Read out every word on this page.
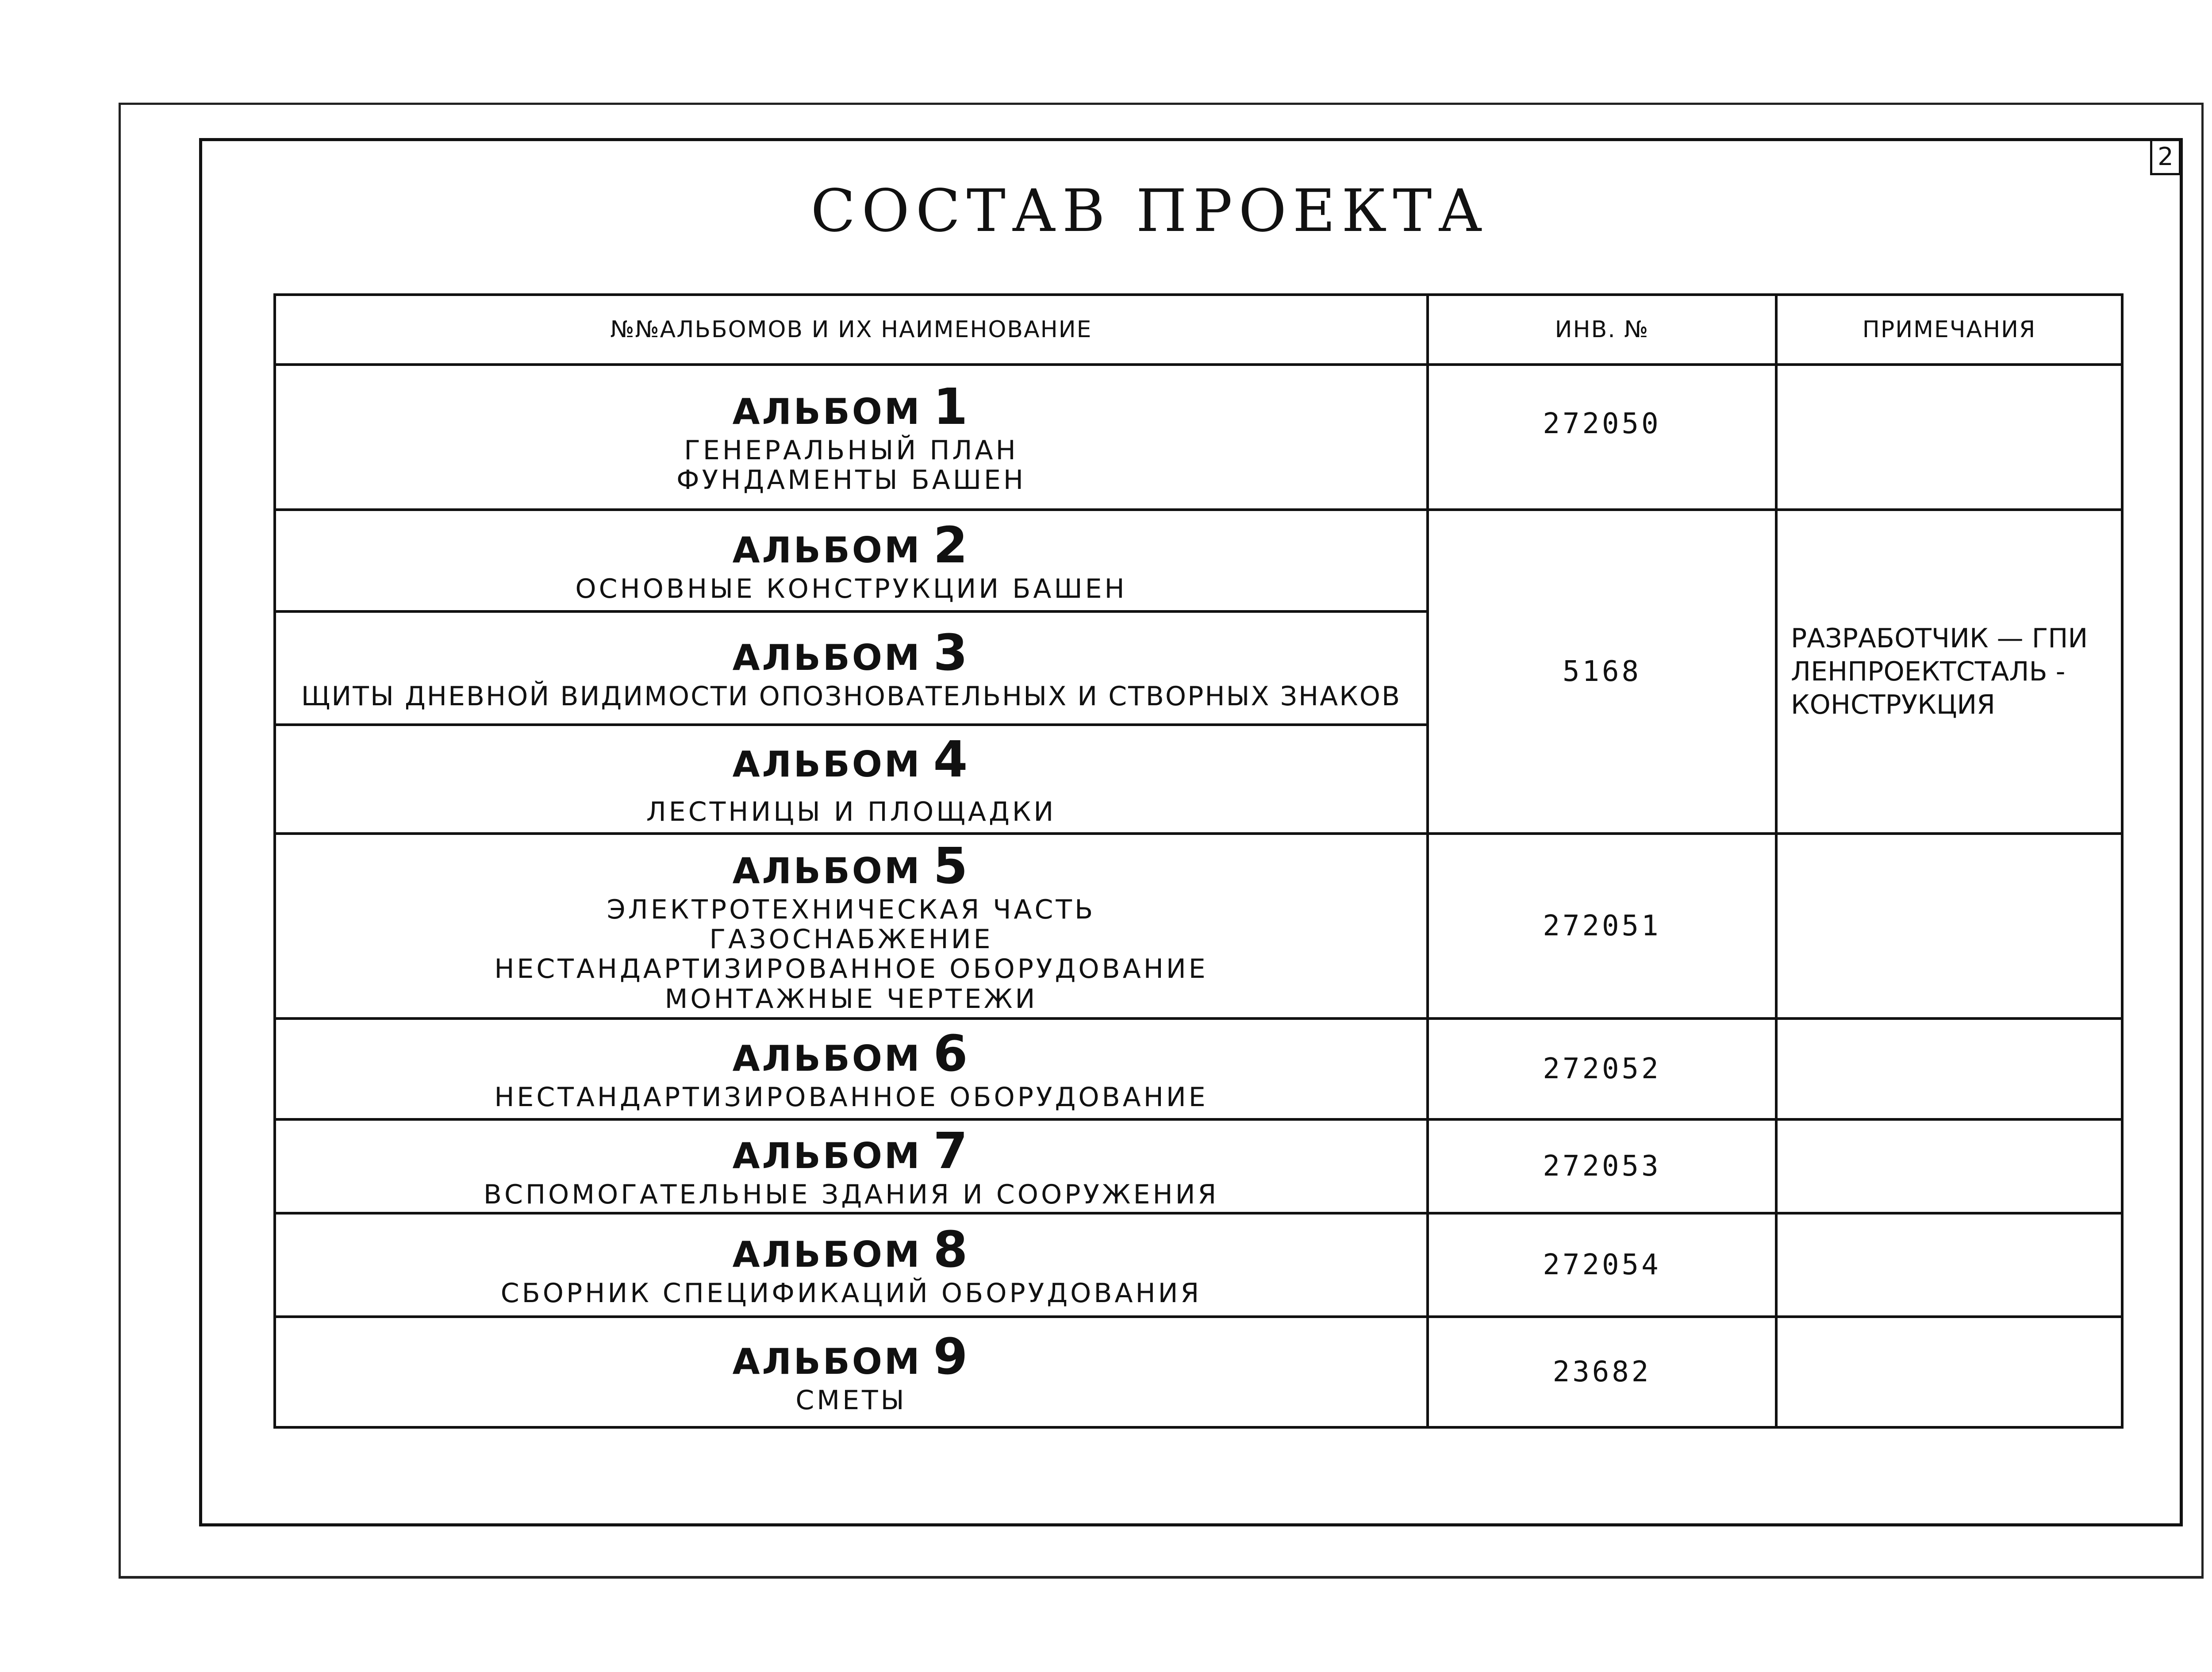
2
СОСТАВ ПРОЕКТА
№№АЛЬБОМОВ И ИХ НАИМЕНОВАНИЕ	ИНВ. №	ПРИМЕЧАНИЯ
АЛЬБОМ 1
ГЕНЕРАЛЬНЫЙ ПЛАН
ФУНДАМЕНТЫ БАШЕН
272050
АЛЬБОМ 2
ОСНОВНЫЕ КОНСТРУКЦИИ БАШЕН
АЛЬБОМ 3
ЩИТЫ ДНЕВНОЙ ВИДИМОСТИ ОПОЗНОВАТЕЛЬНЫХ И СТВОРНЫХ ЗНАКОВ
АЛЬБОМ 4
ЛЕСТНИЦЫ И ПЛОЩАДКИ
5168
РАЗРАБОТЧИК — ГПИ
ЛЕНПРОЕКТСТАЛЬ -
КОНСТРУКЦИЯ
АЛЬБОМ 5
ЭЛЕКТРОТЕХНИЧЕСКАЯ ЧАСТЬ
ГАЗОСНАБЖЕНИЕ
НЕСТАНДАРТИЗИРОВАННОЕ ОБОРУДОВАНИЕ
МОНТАЖНЫЕ ЧЕРТЕЖИ
272051
АЛЬБОМ 6
НЕСТАНДАРТИЗИРОВАННОЕ ОБОРУДОВАНИЕ
272052
АЛЬБОМ 7
ВСПОМОГАТЕЛЬНЫЕ ЗДАНИЯ И СООРУЖЕНИЯ
272053
АЛЬБОМ 8
СБОРНИК СПЕЦИФИКАЦИЙ ОБОРУДОВАНИЯ
272054
АЛЬБОМ 9
СМЕТЫ
23682
